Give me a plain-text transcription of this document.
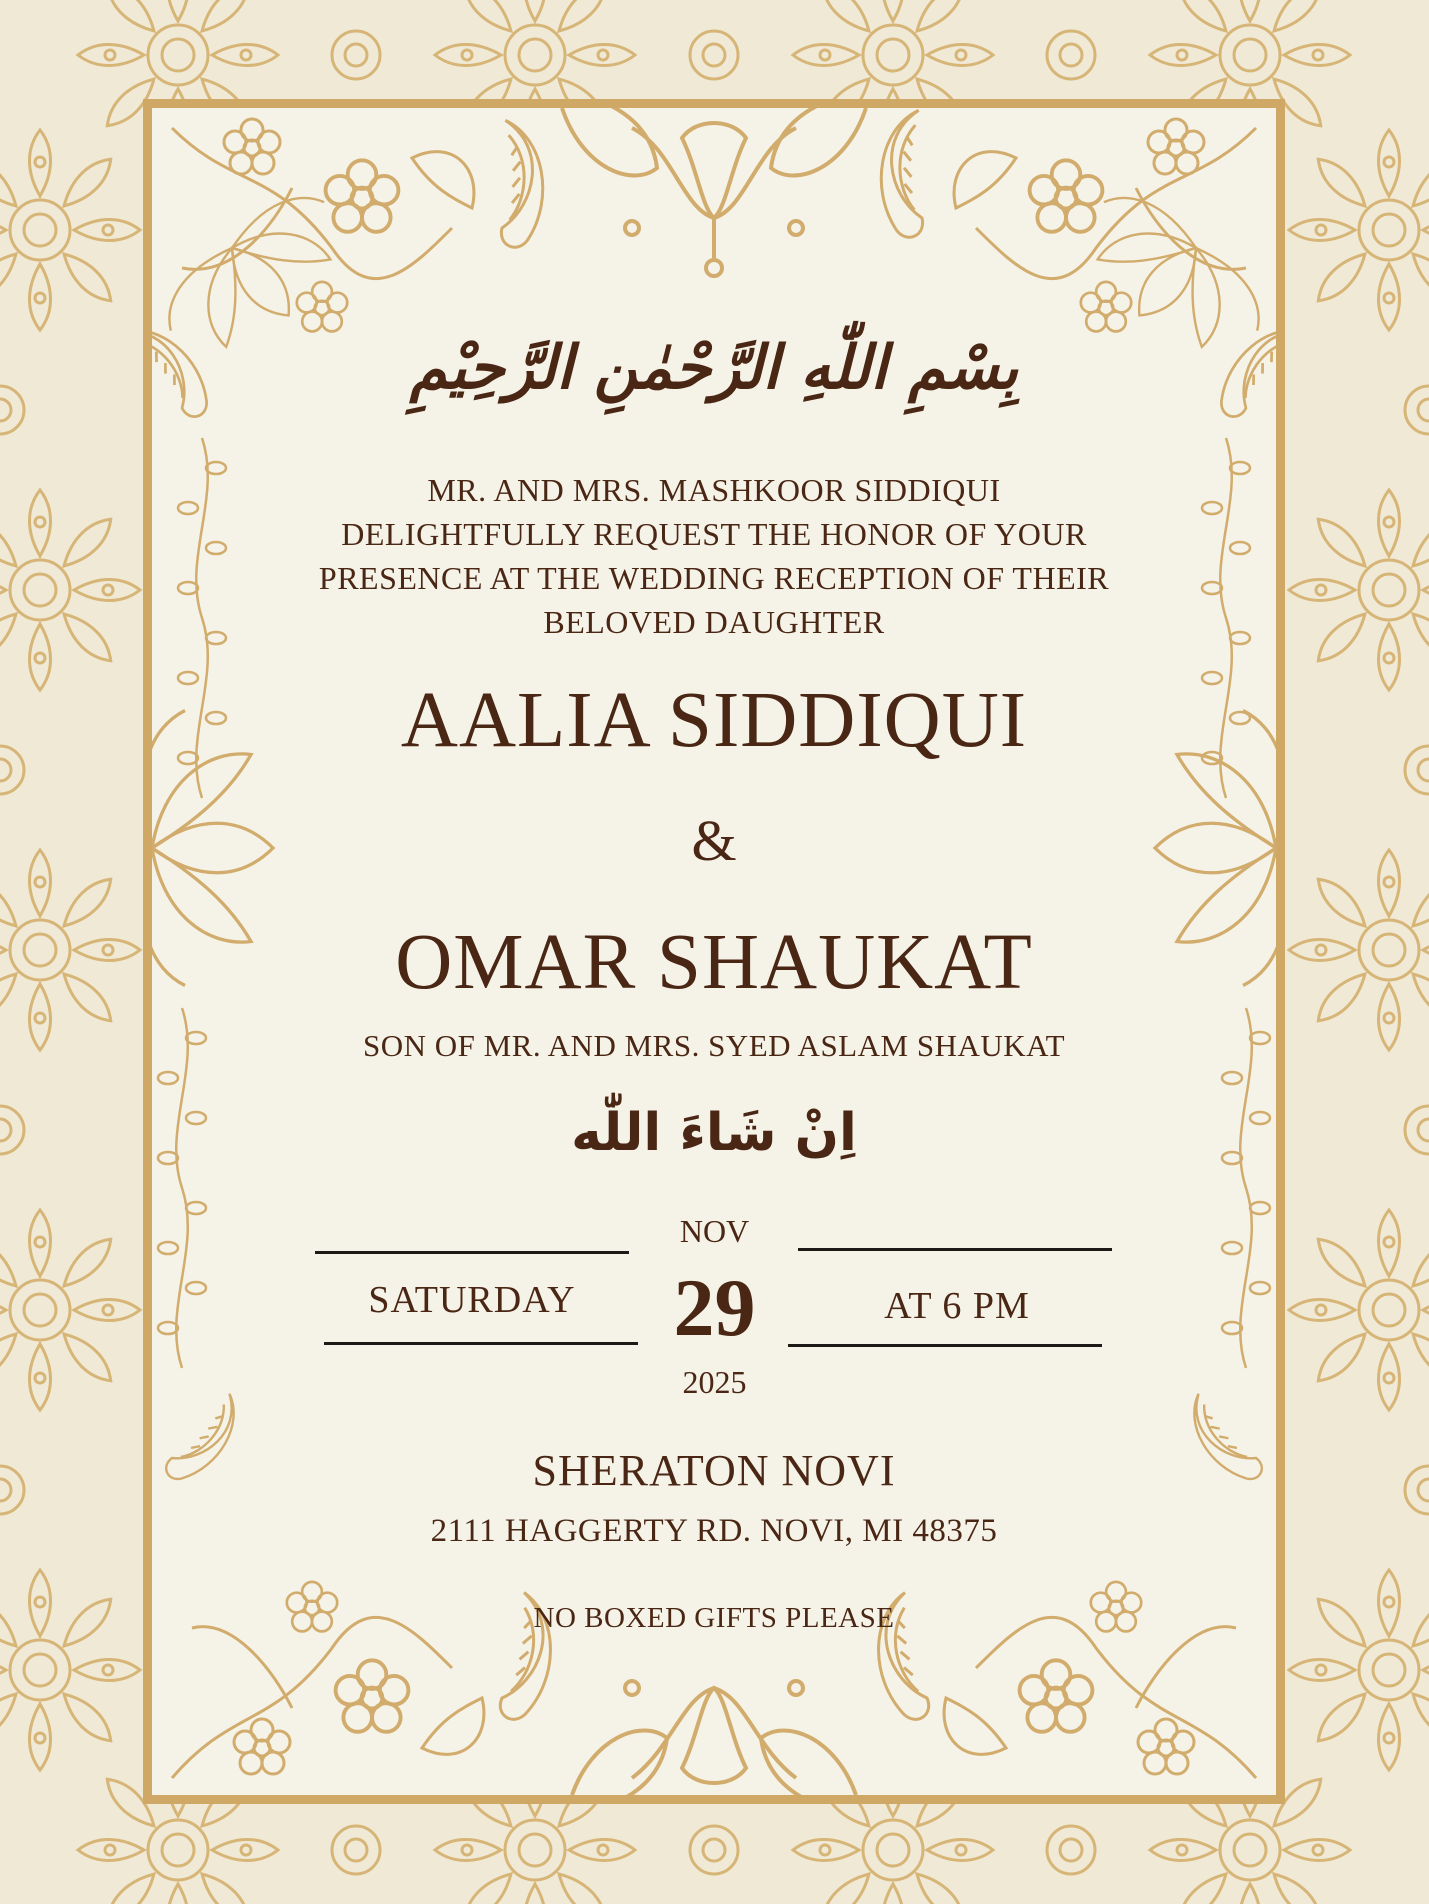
بِسْمِ اللّٰهِ الرَّحْمٰنِ الرَّحِيْمِ

MR. AND MRS. MASHKOOR SIDDIQUI
DELIGHTFULLY REQUEST THE HONOR OF YOUR
PRESENCE AT THE WEDDING RECEPTION OF THEIR
BELOVED DAUGHTER

AALIA SIDDIQUI

&

OMAR SHAUKAT

SON OF MR. AND MRS. SYED ASLAM SHAUKAT

اِنْ شَاءَ اللّٰه

SATURDAY
NOV
29
2025
AT 6 PM

SHERATON NOVI

2111 HAGGERTY RD. NOVI, MI 48375

NO BOXED GIFTS PLEASE
